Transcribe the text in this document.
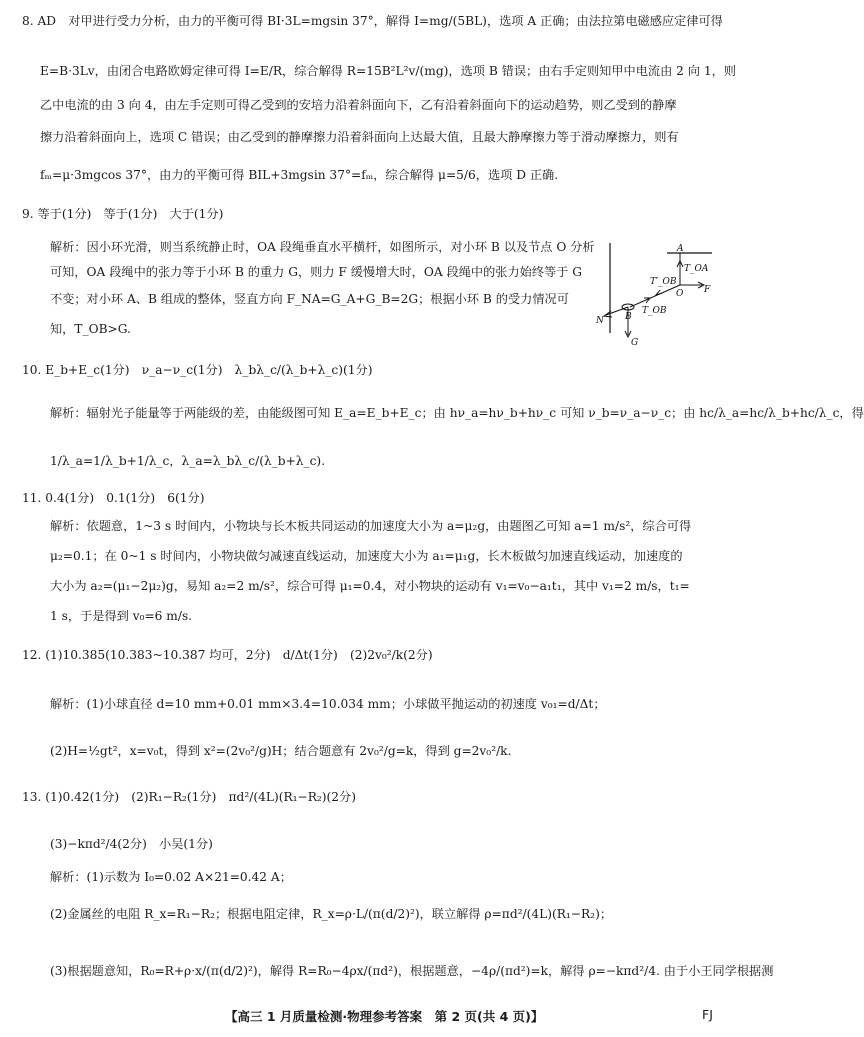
8. AD　对甲进行受力分析，由力的平衡可得 BI·3L=mgsin 37°，解得 I=mg/(5BL)，选项 A 正确；由法拉第电磁感应定律可得
E=B·3Lv，由闭合电路欧姆定律可得 I=E/R，综合解得 R=15B²L²v/(mg)，选项 B 错误；由右手定则知甲中电流由 2 向 1，则
乙中电流的由 3 向 4，由左手定则可得乙受到的安培力沿着斜面向下，乙有沿着斜面向下的运动趋势，则乙受到的静摩
擦力沿着斜面向上，选项 C 错误；由乙受到的静摩擦力沿着斜面向上达最大值，且最大静摩擦力等于滑动摩擦力，则有
fₘ=μ·3mgcos 37°，由力的平衡可得 BIL+3mgsin 37°=fₘ，综合解得 μ=5/6，选项 D 正确.
9. 等于(1分)　等于(1分)　大于(1分)
解析：因小环光滑，则当系统静止时，OA 段绳垂直水平横杆，如图所示，对小环 B 以及节点 O 分析
可知，OA 段绳中的张力等于小环 B 的重力 G，则力 F 缓慢增大时，OA 段绳中的张力始终等于 G
不变；对小环 A、B 组成的整体，竖直方向 F_NA=G_A+G_B=2G；根据小环 B 的受力情况可
知，T_OB>G.
10. E_b+E_c(1分)　ν_a−ν_c(1分)　λ_bλ_c/(λ_b+λ_c)(1分)
解析：辐射光子能量等于两能级的差，由能级图可知 E_a=E_b+E_c；由 hν_a=hν_b+hν_c 可知 ν_b=ν_a−ν_c；由 hc/λ_a=hc/λ_b+hc/λ_c，得
1/λ_a=1/λ_b+1/λ_c，λ_a=λ_bλ_c/(λ_b+λ_c).
11. 0.4(1分)　0.1(1分)　6(1分)
解析：依题意，1~3 s 时间内，小物块与长木板共同运动的加速度大小为 a=μ₂g，由题图乙可知 a=1 m/s²，综合可得
μ₂=0.1；在 0~1 s 时间内，小物块做匀减速直线运动，加速度大小为 a₁=μ₁g，长木板做匀加速直线运动，加速度的
大小为 a₂=(μ₁−2μ₂)g，易知 a₂=2 m/s²，综合可得 μ₁=0.4，对小物块的运动有 v₁=v₀−a₁t₁，其中 v₁=2 m/s，t₁=
1 s，于是得到 v₀=6 m/s.
12. (1)10.385(10.383~10.387 均可，2分)　d/Δt(1分)　(2)2v₀²/k(2分)
解析：(1)小球直径 d=10 mm+0.01 mm×3.4=10.034 mm；小球做平抛运动的初速度 v₀₁=d/Δt；
(2)H=½gt²，x=v₀t，得到 x²=(2v₀²/g)H；结合题意有 2v₀²/g=k，得到 g=2v₀²/k.
13. (1)0.42(1分)　(2)R₁−R₂(1分)　πd²/(4L)(R₁−R₂)(2分)
(3)−kπd²/4(2分)　小吴(1分)
解析：(1)示数为 I₀=0.02 A×21=0.42 A；
(2)金属丝的电阻 R_x=R₁−R₂；根据电阻定律，R_x=ρ·L/(π(d/2)²)，联立解得 ρ=πd²/(4L)(R₁−R₂)；
(3)根据题意知，R₀=R+ρ·x/(π(d/2)²)，解得 R=R₀−4ρx/(πd²)，根据题意，−4ρ/(πd²)=k，解得 ρ=−kπd²/4. 由于小王同学根据测
A
T_OA
O F
T′_OB
T_OB
N B
G
【高三 1 月质量检测·物理参考答案　第 2 页(共 4 页)】	FJ
